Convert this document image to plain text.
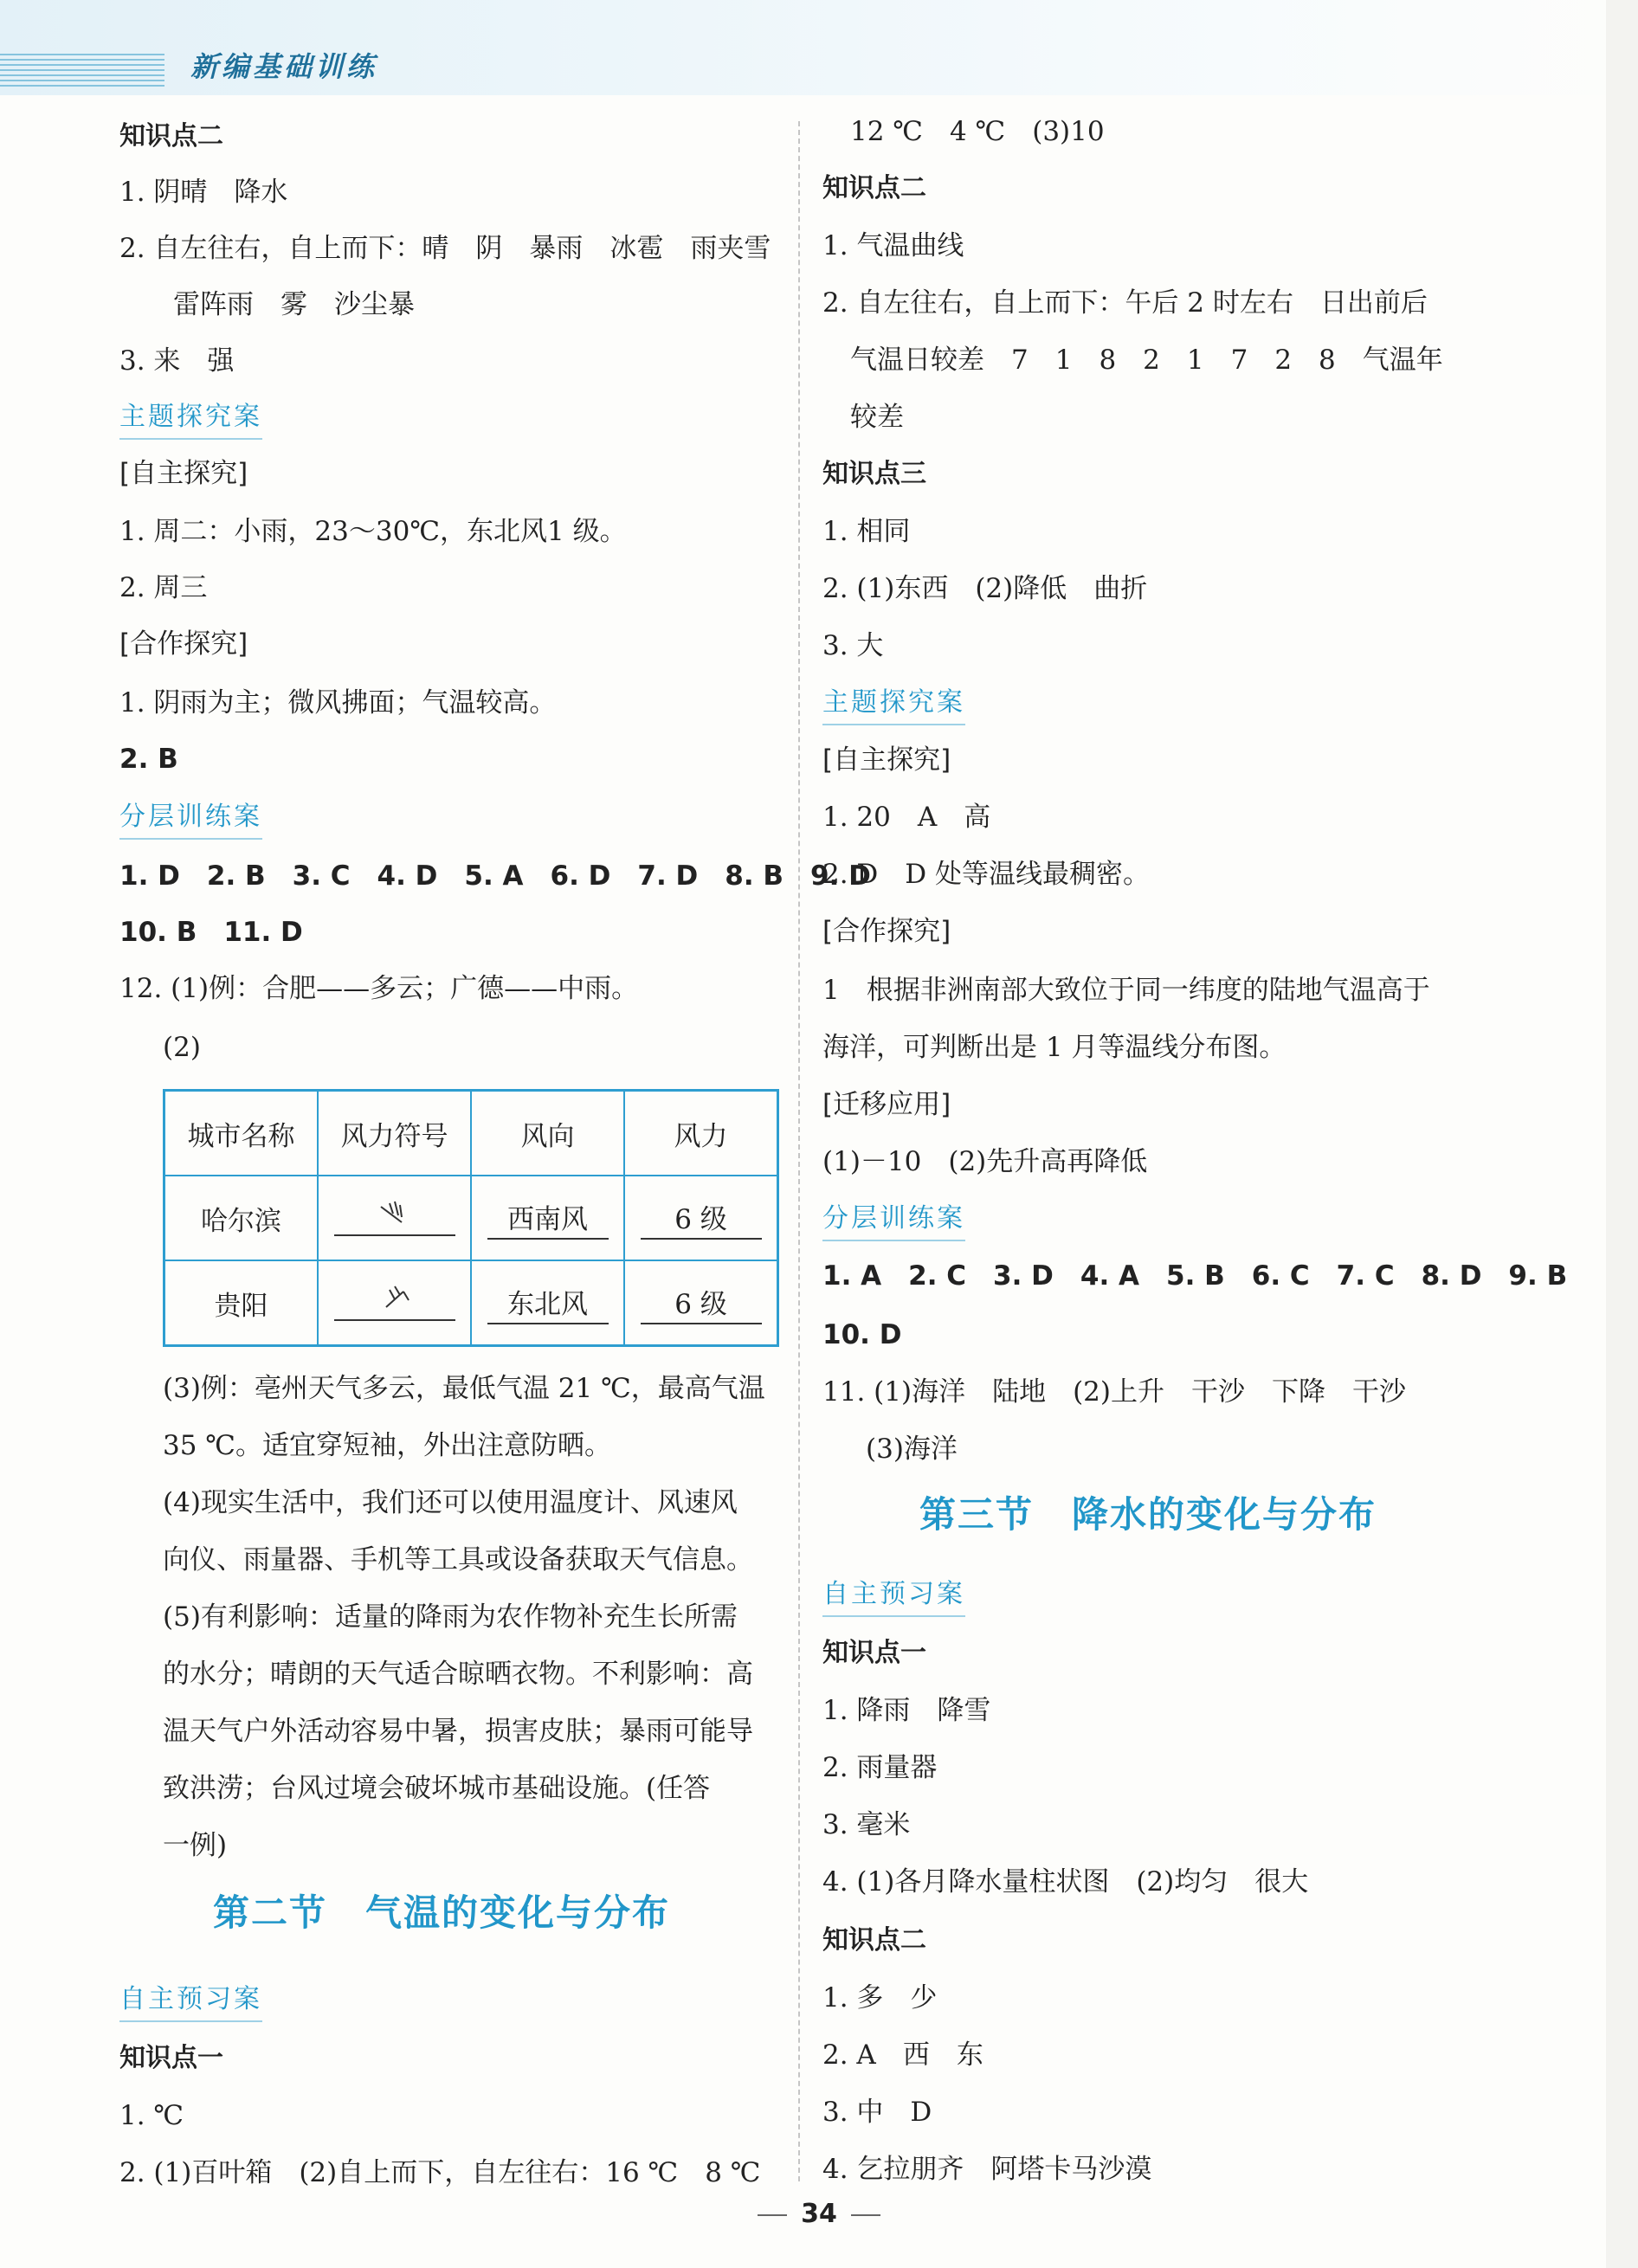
新编基础训练
知识点二
1. 阴晴　降水
2. 自左往右，自上而下：晴　阴　暴雨　冰雹　雨夹雪
雷阵雨　雾　沙尘暴
3. 来　强
主题探究案
[自主探究]
1. 周二：小雨，23～30℃，东北风1 级。
2. 周三
[合作探究]
1. 阴雨为主；微风拂面；气温较高。
2. B
分层训练案
1. D　2. B　3. C　4. D　5. A　6. D　7. D　8. B　9. D
10. B　11. D
12. (1)例：合肥——多云；广德——中雨。
(2)
城市名称	风力符号	风向	风力
哈尔滨		西南风	6 级
贵阳		东北风	6 级
(3)例：亳州天气多云，最低气温 21 ℃，最高气温
35 ℃。适宜穿短袖，外出注意防晒。
(4)现实生活中，我们还可以使用温度计、风速风
向仪、雨量器、手机等工具或设备获取天气信息。
(5)有利影响：适量的降雨为农作物补充生长所需
的水分；晴朗的天气适合晾晒衣物。不利影响：高
温天气户外活动容易中暑，损害皮肤；暴雨可能导
致洪涝；台风过境会破坏城市基础设施。(任答
一例)
第二节　气温的变化与分布
自主预习案
知识点一
1. ℃
2. (1)百叶箱　(2)自上而下，自左往右：16 ℃　8 ℃
12 ℃　4 ℃　(3)10
知识点二
1. 气温曲线
2. 自左往右，自上而下：午后 2 时左右　日出前后
气温日较差　7　1　8　2　1　7　2　8　气温年
较差
知识点三
1. 相同
2. (1)东西　(2)降低　曲折
3. 大
主题探究案
[自主探究]
1. 20　A　高
2. D　D 处等温线最稠密。
[合作探究]
1　根据非洲南部大致位于同一纬度的陆地气温高于
海洋，可判断出是 1 月等温线分布图。
[迁移应用]
(1)－10　(2)先升高再降低
分层训练案
1. A　2. C　3. D　4. A　5. B　6. C　7. C　8. D　9. B
10. D
11. (1)海洋　陆地　(2)上升　干沙　下降　干沙
(3)海洋
第三节　降水的变化与分布
自主预习案
知识点一
1. 降雨　降雪
2. 雨量器
3. 毫米
4. (1)各月降水量柱状图　(2)均匀　很大
知识点二
1. 多　少
2. A　西　东
3. 中　D
4. 乞拉朋齐　阿塔卡马沙漠
34
